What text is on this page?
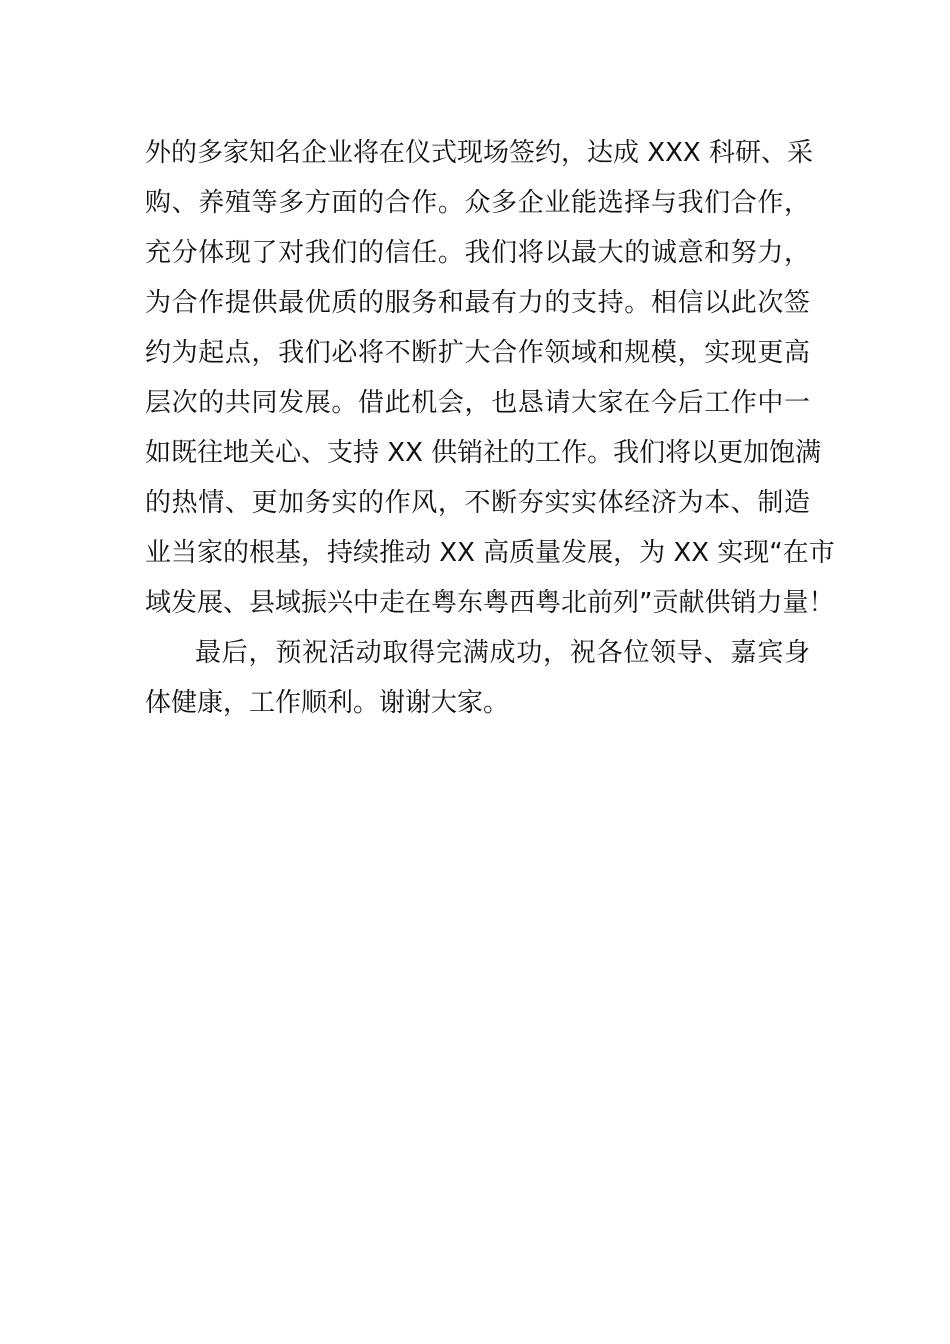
外的多家知名企业将在仪式现场签约，达成 XXX 科研、采
购、养殖等多方面的合作。众多企业能选择与我们合作，
充分体现了对我们的信任。我们将以最大的诚意和努力，
为合作提供最优质的服务和最有力的支持。相信以此次签
约为起点，我们必将不断扩大合作领域和规模，实现更高
层次的共同发展。借此机会，也恳请大家在今后工作中一
如既往地关心、支持 XX 供销社的工作。我们将以更加饱满
的热情、更加务实的作风，不断夯实实体经济为本、制造
业当家的根基，持续推动 XX 高质量发展，为 XX 实现“在市
域发展、县域振兴中走在粤东粤西粤北前列”贡献供销力量！

最后，预祝活动取得完满成功，祝各位领导、嘉宾身
体健康，工作顺利。谢谢大家。
